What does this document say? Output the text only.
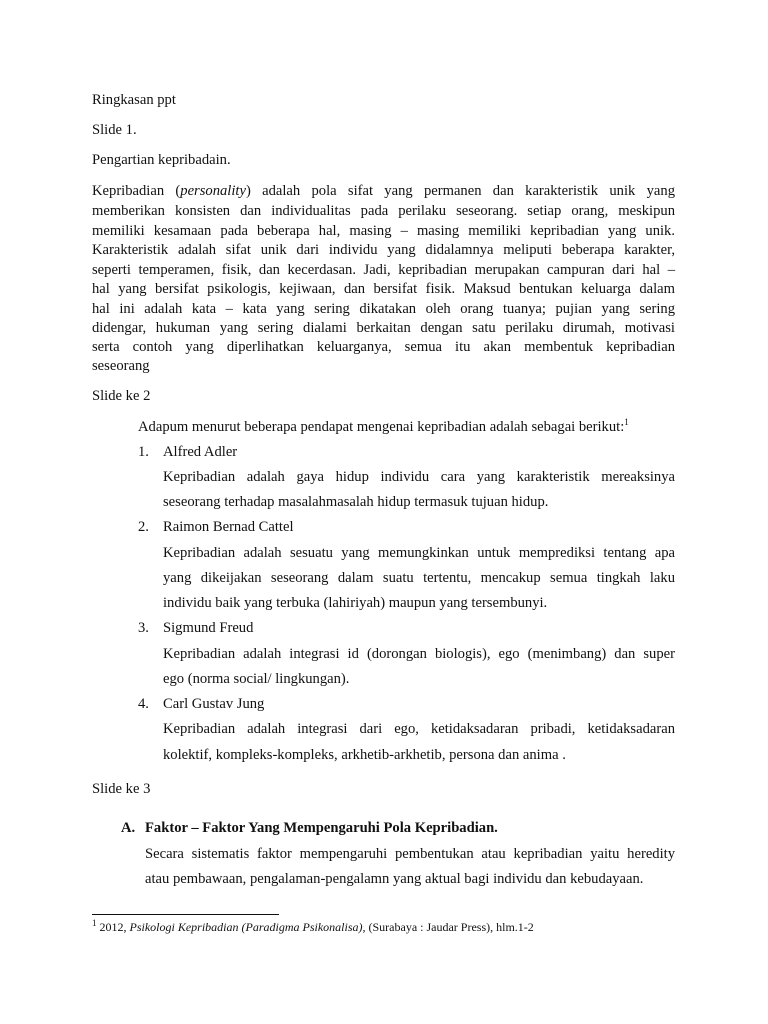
Ringkasan ppt
Slide 1.
Pengartian kepribadain.
Kepribadian (personality) adalah pola sifat yang permanen dan karakteristik unik yang
memberikan konsisten dan individualitas pada perilaku seseorang. setiap orang, meskipun
memiliki kesamaan pada beberapa hal, masing – masing memiliki kepribadian yang unik.
Karakteristik adalah sifat unik dari individu yang didalamnya meliputi beberapa karakter,
seperti temperamen, fisik, dan kecerdasan. Jadi, kepribadian merupakan campuran dari hal –
hal yang bersifat psikologis, kejiwaan, dan bersifat fisik. Maksud bentukan keluarga dalam
hal ini adalah kata – kata yang sering dikatakan oleh orang tuanya; pujian yang sering
didengar, hukuman yang sering dialami berkaitan dengan satu perilaku dirumah, motivasi
serta contoh yang diperlihatkan keluarganya, semua itu akan membentuk kepribadian
seseorang
Slide ke 2
Adapum menurut beberapa pendapat mengenai kepribadian adalah sebagai berikut:$^1$
1. Alfred Adler
Kepribadian adalah gaya hidup individu cara yang karakteristik mereaksinya
seseorang terhadap masalahmasalah hidup termasuk tujuan hidup.
2. Raimon Bernad Cattel
Kepribadian adalah sesuatu yang memungkinkan untuk memprediksi tentang apa
yang dikeijakan seseorang dalam suatu tertentu, mencakup semua tingkah laku
individu baik yang terbuka (lahiriyah) maupun yang tersembunyi.
3. Sigmund Freud
Kepribadian adalah integrasi id (dorongan biologis), ego (menimbang) dan super
ego (norma social/ lingkungan).
4. Carl Gustav Jung
Kepribadian adalah integrasi dari ego, ketidaksadaran pribadi, ketidaksadaran
kolektif, kompleks-kompleks, arkhetib-arkhetib, persona dan anima .
Slide ke 3
A. Faktor – Faktor Yang Mempengaruhi Pola Kepribadian.
Secara sistematis faktor mempengaruhi pembentukan atau kepribadian yaitu heredity
atau pembawaan, pengalaman-pengalamn yang aktual bagi individu dan kebudayaan.
$^1$ 2012, Psikologi Kepribadian (Paradigma Psikonalisa), (Surabaya : Jaudar Press), hlm.1-2
